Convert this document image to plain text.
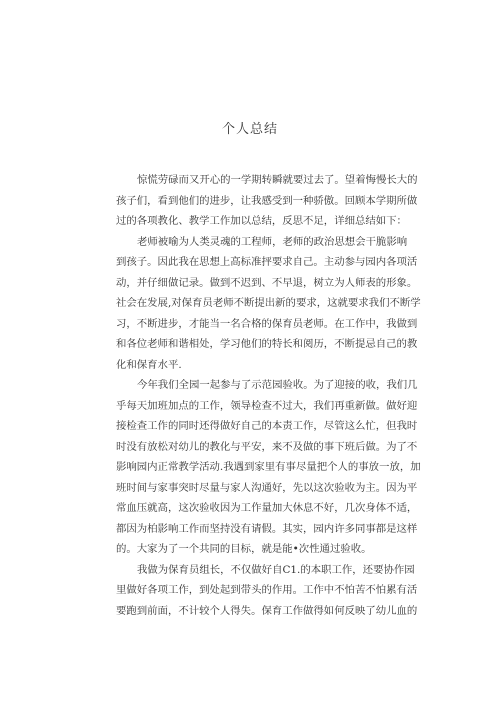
个人总结
惊慌劳碌而又开心的一学期转瞬就要过去了。望着悔慢长大的
孩子们，看到他们的进步，让我感受到一种骄傲。回顾本学期所做
过的各项教化、教学工作加以总结，反思不足，详细总结如下：
老师被喻为人类灵魂的工程师，老师的政治思想会干脆影响
到孩子。因此我在思想上高标准抨要求自己。主动参与园内各项活
动，并仔细做记录。做到不迟到、不早退，树立为人师表的形象。
社会在发展,对保育员老师不断提出新的要求，这就要求我们不断学
习，不断进步，才能当一名合格的保育员老师。在工作中，我做到
和各位老师和谐相处，学习他们的特长和阅历，不断提忌自己的教
化和保育水平.
今年我们全园一起参与了示范园验收。为了迎接的收，我们几
乎每天加班加点的工作，领导检查不过大，我们再重新做。做好迎
接检查工作的同时还得做好自己的本责工作，尽管这么忙，但我时
时没有放松对幼儿的教化与平安，来不及做的事下班后做。为了不
影响园内正常教学活动.我遇到家里有事尽量把个人的事放一放，加
班时间与家事突时尽量与家人沟通好，先以这次验收为主。因为平
常血压就高，这次验收因为工作量加大休息不好，几次身体不适，
都因为柏影响工作而坚持没有请假。其实，园内许多同事都是这样
的。大家为了一个共同的目标，就是能•次性通过验收。
我做为保育员组长，不仅做好自C1.的本职工作，还要协作园
里做好各项工作，到处起到带头的作用。工作中不怕苦不怕累有活
要跑到前面，不计较个人得失。保育工作做得如何反映了幼儿血的
